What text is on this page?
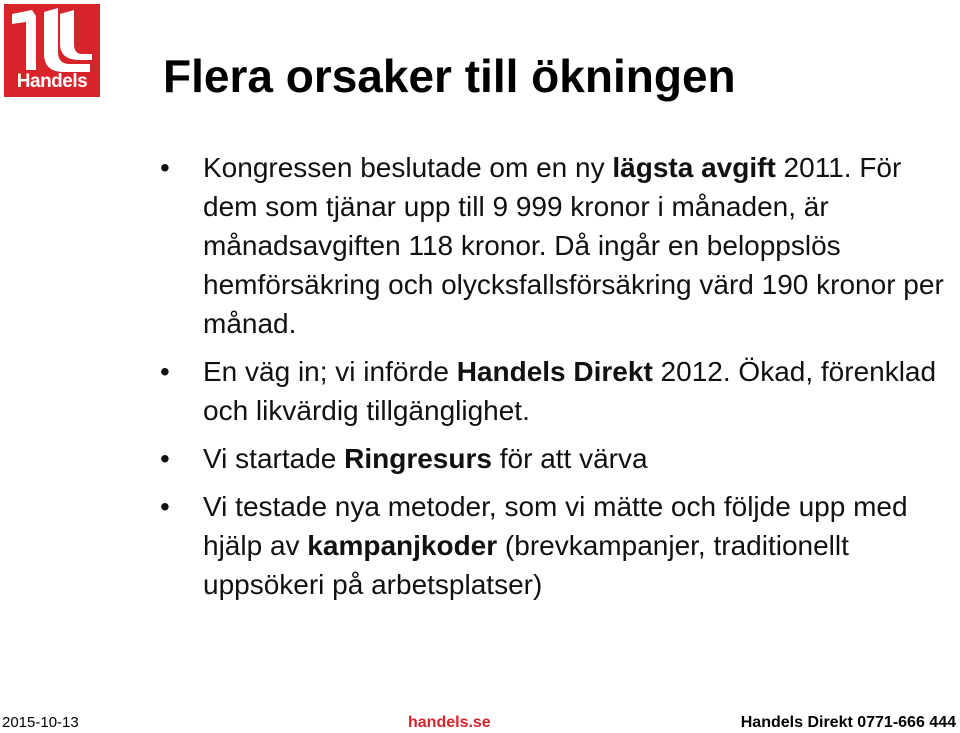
Handels Flera orsaker till ökningen
• Kongressen beslutade om en ny lägsta avgift 2011. För dem som tjänar upp till 9 999 kronor i månaden, är månadsavgiften 118 kronor. Då ingår en beloppslös hemförsäkring och olycksfallsförsäkring värd 190 kronor per månad.
• En väg in; vi införde Handels Direkt 2012. Ökad, förenklad och likvärdig tillgänglighet.
• Vi startade Ringresurs för att värva
• Vi testade nya metoder, som vi mätte och följde upp med hjälp av kampanjkoder (brevkampanjer, traditionellt uppsökeri på arbetsplatser)
2015-10-13	handels.se	Handels Direkt 0771-666 444
